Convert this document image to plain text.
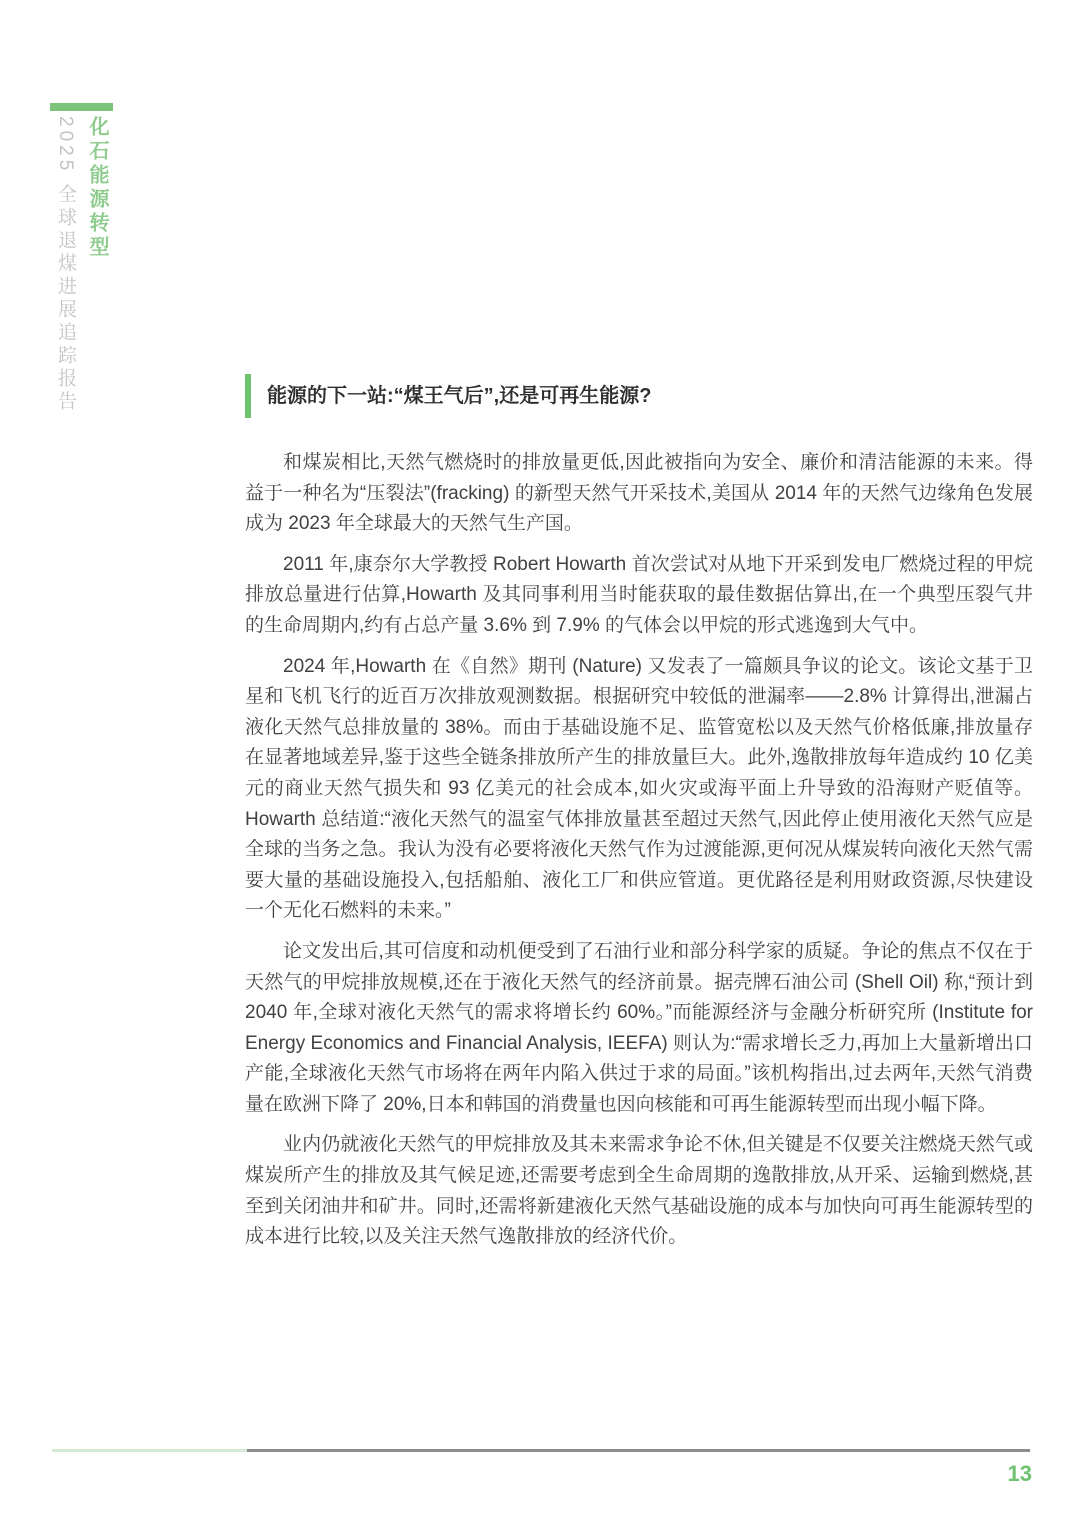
化石能源转型
2025 全球退煤进展追踪报告	能源的下一站:“煤王气后”,还是可再生能源?

和煤炭相比,天然气燃烧时的排放量更低,因此被指向为安全、廉价和清洁能源的未来。得益于一种名为“压裂法”(fracking) 的新型天然气开采技术,美国从 2014 年的天然气边缘角色发展成为 2023 年全球最大的天然气生产国。

2011 年,康奈尔大学教授 Robert Howarth 首次尝试对从地下开采到发电厂燃烧过程的甲烷排放总量进行估算,Howarth 及其同事利用当时能获取的最佳数据估算出,在一个典型压裂气井的生命周期内,约有占总产量 3.6% 到 7.9% 的气体会以甲烷的形式逃逸到大气中。

2024 年,Howarth 在《自然》期刊 (Nature) 又发表了一篇颇具争议的论文。该论文基于卫星和飞机飞行的近百万次排放观测数据。根据研究中较低的泄漏率——2.8% 计算得出,泄漏占液化天然气总排放量的 38%。而由于基础设施不足、监管宽松以及天然气价格低廉,排放量存在显著地域差异,鉴于这些全链条排放所产生的排放量巨大。此外,逸散排放每年造成约 10 亿美元的商业天然气损失和 93 亿美元的社会成本,如火灾或海平面上升导致的沿海财产贬值等。Howarth 总结道:“液化天然气的温室气体排放量甚至超过天然气,因此停止使用液化天然气应是全球的当务之急。我认为没有必要将液化天然气作为过渡能源,更何况从煤炭转向液化天然气需要大量的基础设施投入,包括船舶、液化工厂和供应管道。更优路径是利用财政资源,尽快建设一个无化石燃料的未来。”

论文发出后,其可信度和动机便受到了石油行业和部分科学家的质疑。争论的焦点不仅在于天然气的甲烷排放规模,还在于液化天然气的经济前景。据壳牌石油公司 (Shell Oil) 称,“预计到 2040 年,全球对液化天然气的需求将增长约 60%。”而能源经济与金融分析研究所 (Institute for Energy Economics and Financial Analysis, IEEFA) 则认为:“需求增长乏力,再加上大量新增出口产能,全球液化天然气市场将在两年内陷入供过于求的局面。”该机构指出,过去两年,天然气消费量在欧洲下降了 20%,日本和韩国的消费量也因向核能和可再生能源转型而出现小幅下降。

业内仍就液化天然气的甲烷排放及其未来需求争论不休,但关键是不仅要关注燃烧天然气或煤炭所产生的排放及其气候足迹,还需要考虑到全生命周期的逸散排放,从开采、运输到燃烧,甚至到关闭油井和矿井。同时,还需将新建液化天然气基础设施的成本与加快向可再生能源转型的成本进行比较,以及关注天然气逸散排放的经济代价。

13
